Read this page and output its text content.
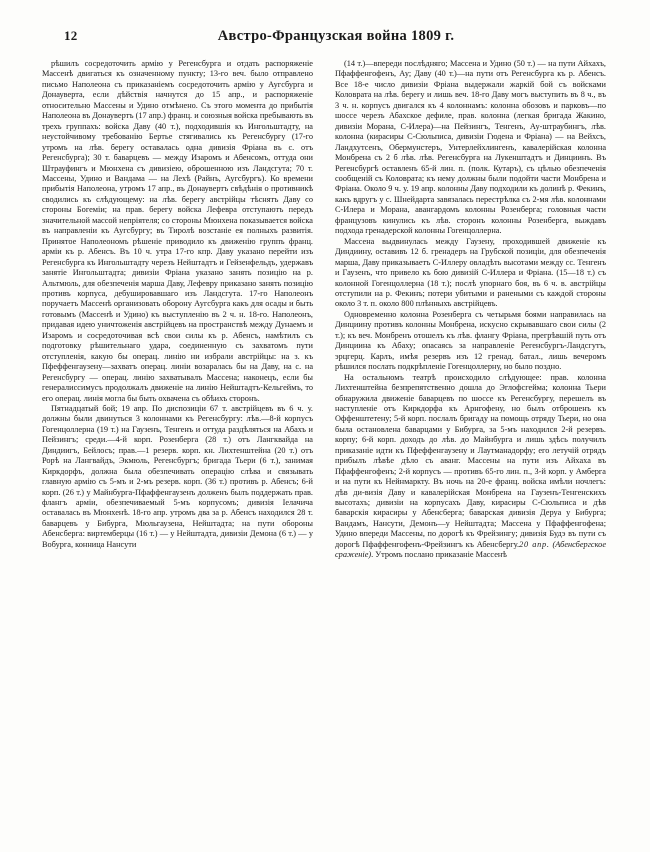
12	Австро-Французская война 1809 г.

рѣшилъ сосредоточить армію у Регенсбурга и отдать распоряженіе Массенѣ двигаться къ означенному пункту; 13-го веч. было отправлено письмо Наполеона съ приказаніемъ сосредоточить армію у Аугсбурга и Донауверта, если дѣйствія начнутся до 15 апр., и распоряженіе относительно Массены и Удино отмѣнено. Съ этого момента до прибытія Наполеона въ Донаувертъ (17 апр.) франц. и союзныя войска пребывають въ трехъ группахъ: войска Даву (40 т.), подходившія къ Ингольштадту, на неустойчивому требованію Бертье стягивались къ Регенсбургу (17-го утромъ на лѣв. берегу оставалась одна дивизія Фріана въ с. отъ Регенсбурга); 30 т. баварцевъ — между Изаромъ и Абенсомъ, оттуда они Штрауфингъ и Мюнхена съ дивизіею, оброшенною изъ Ландсгута; 70 т. Массены, Удино и Вандама — на Лехѣ (Райнъ, Аугсбургъ). Ко времени прибытія Наполеона, утромъ 17 апр., въ Донаувертъ свѣдѣнія о противникѣ сводились къ слѣдующему: на лѣв. берегу австрійцы тѣснятъ Даву со стороны Богеміи; на прав. берегу войска Лефевра отступаютъ передъ значительной массой непріятеля; со стороны Мюнхена показывается войска въ направленіи къ Аугсбургу; въ Тиролѣ возстаніе ея полныхъ развитія. Принятое Наполеономъ рѣшеніе приводило къ движенію группъ франц. арміи къ р. Абенсъ. Въ 10 ч. утра 17-го кпр. Даву указано перейти изъ Регенсбурга къ Ингольштадту черезъ Нейштадтъ и Гейзенфельдъ, удержавъ занятіе Ингольштадта; дивизіи Фріана указано занять позицію на р. Альтмюль, для обезпеченія марша Даву, Лефевру приказано занять позицію противъ корпуса, дебушировавшаго изъ Ландсгута. 17-го Наполеонъ поручаетъ Массенѣ организовать оборону Аугсбурга какъ для осады и быть готовымъ (Массенѣ и Удино) къ выступленію въ 2 ч. н. 18-го. Наполеонъ, придавая идею уничтоженія австрійцевъ на пространствѣ между Дунаемъ и Изаромъ и сосредоточивая всѣ свои силы къ р. Абенсъ, намѣтилъ съ подготовку рѣшительнаго удара, соединенную съ захватомъ пути отступленія, какую бы операц. линію ни избрали австрійцы: на з. къ Пфеффенгаузену—захватъ операц. линіи возаралась бы на Даву, на с. на Регенсбургу — операц. линію захватывалъ Массена; наконецъ, если бы генералиссимусъ продолжалъ движеніе на линію Нейштадтъ-Кельгеймъ, то его операц. линія могла бы быть охвачена съ обѣихъ сторонъ.

Пятнадцатый бой; 19 апр. По диспозиціи 67 т. австрійцевъ въ 6 ч. у. должны были двинуться 3 колоннами къ Регенсбургу: лѣв.—8-й корпусъ Гогенцоллерна (19 т.) на Гаузенъ, Тенгенъ и оттуда раздѣляться на Абахъ и Пейзингъ; среди.—4-й корп. Розенберга (28 т.) отъ Лангквайда на Диндиигъ, Бейлосъ; прав.—1 резерв. корп. кн. Лихтенштейна (20 т.) отъ Рорѣ на Лангвайдъ, Экмюль, Регенсбургъ; бригада Тьери (6 т.), занимая Киркдорфъ, должна была обезпечивать операцію слѣва и связывать главную армію съ 5-мъ и 2-мъ резерв. корп. (36 т.) противъ р. Абенсъ; 6-й корп. (26 т.) у Майнбурга-Пфаффенгаузенъ долженъ былъ поддержать прав. флангъ арміи, обезпечиваемый 5-мъ корпусомъ; дивизія Іелачича оставалась въ Мюнхенѣ. 18-го апр. утромъ два за р. Абенсъ находился 28 т. баварцевъ у Бибурга, Мюльгаузена, Нейштадта; на пути обороны Абенсберга: виртемберцы (16 т.) — у Нейштадта, дивизіи Демона (6 т.) — у Вобурга, конница Нансути

(14 т.)—впереди послѣдняго; Массена и Удино (50 т.) — на пути Айхахъ, Пфаффенгофенъ, Ау; Даву (40 т.)—на пути отъ Регенсбурга къ р. Абенсъ. Все 18-е число дивизіи Фріана выдержали жаркій бой съ войсками Коловрата на лѣв. берегу и лишь веч. 18-го Даву могъ выступить въ 8 ч., въ 3 ч. н. корпусъ двигался къ 4 колоннамъ: колонна обозовъ и парковъ—по шоссе черезъ Абахское дефиле, прав. колонна (легкая бригада Жакино, дивизіи Морана, С-Илера)—на Пейзингъ, Тенгенъ, Ау-штраубингъ, лѣв. колонна (кирасиры С-Сюльписа, дивизіи Гюдена и Фріана) — на Вейхсъ, Ландхутсенъ, Обермунстеръ, Унтерлейхлингенъ, кавалерійская колонна Монбрена съ 2 б лѣв. лѣв. Регенсбурга на Лукенштадтъ и Динциинъ. Въ Регенсбургѣ оставленъ 65-й лин. п. (полк. Кутаръ), съ цѣлью обезпеченія сообщеній съ Коловрата; къ нему должны были подойти части Монбрена и Фріана. Около 9 ч. у. 19 апр. колонны Даву подходили къ долинѣ р. Фекинъ, какъ вдругъ у с. Шнейдарта завязалась перестрѣлка съ 2-мя лѣв. колоннами С-Илера и Морана, авангардомъ колонны Розенберга; головныя части французовъ кинулись къ лѣв. сторонъ колонны Розенберга, выждавъ подхода гренадерской колонны Гогенцоллерна.

Массена выдвинулась между Гаузену, проходившей движеніе къ Диндиину, оставивъ 12 б. гренадеръ на Грубской позиціи, для обезпеченія марша, Даву приказываетъ С-Иллеру овладѣть высотами между сс. Тенгенъ и Гаузенъ, что привело къ бою дивизій С-Иллера и Фріана. (15—18 т.) съ колонной Гогенцоллерна (18 т.); послѣ упорнаго боя, въ 6 ч. в. австрійцы отступили на р. Фекинъ; потери убитыми и ранеными съ каждой стороны около 3 т. п. около 800 плѣнныхъ австрійцевъ.

Одновременно колонна Розенберга съ четырьмя боями направилась на Динциину противъ колонны Монбрена, искусно скрывавшаго свои силы (2 т.); къ веч. Монбренъ отошелъ къ лѣв. флангу Фріана, прегрѣвшій путь отъ Динциина къ Абаху; опасаясь за направленіе Регенсбургъ-Ландсгутъ, эрцгерц. Карлъ, имѣя резервъ изъ 12 гренад. батал., лишь вечеромъ рѣшился послать подкрѣпленіе Гогенцоллерну, но было поздно.

На остальномъ театрѣ происходило слѣдующее: прав. колонна Лихтенштейна безпрепятственно дошла до Эглофсгейма; колонна Тьери обнаружила движеніе баварцевъ по шоссе къ Регенсбургу, перешелъ въ наступленіе отъ Киркдорфа къ Арнгофену, но былъ отброшенъ къ Оффенштетену; 5-й корп. послалъ бригаду на помощь отряду Тьери, но она была остановлена баварцами у Бибурга, за 5-мъ находился 2-й резервъ. корпу; 6-й корп. доходъ до лѣв. до Майнбурга и лишь здѣсь получилъ приказаніе идти къ Пфеффенгаузену и Лаутманадорфу; его летучій отрядъ прибылъ лѣвѣе дѣло съ аванг. Массены на пути изъ Айхаха въ Пфаффенгофенъ; 2-й корпусъ — противъ 65-го лин. п., 3-й корп. у Амберга и на пути къ Нейнмаркту. Въ ночь на 20-е франц. войска имѣли ночлегъ: дѣв ди-визія Даву и кавалерійская Монбрена на Гаузенъ-Тенгенскихъ высотахъ; дивизіи на корпусахъ Даву, кирасиры С-Сюльписа и дѣв баварскія кирасиры у Абенсберга; баварская дивизія Деруа у Бибурга; Вандамъ, Нансути, Демонъ—у Нейштадта; Массена у Пфаффенгофена; Удино впереди Массены, по дорогѣ къ Фрейзингу; дивизія Будэ въ пути съ дорогѣ Пфаффенгофенъ-Фрейзингъ къ Абенсбергу.20 апр. (Абенсбергское сраженіе). Утромъ послано приказаніе Массенѣ
